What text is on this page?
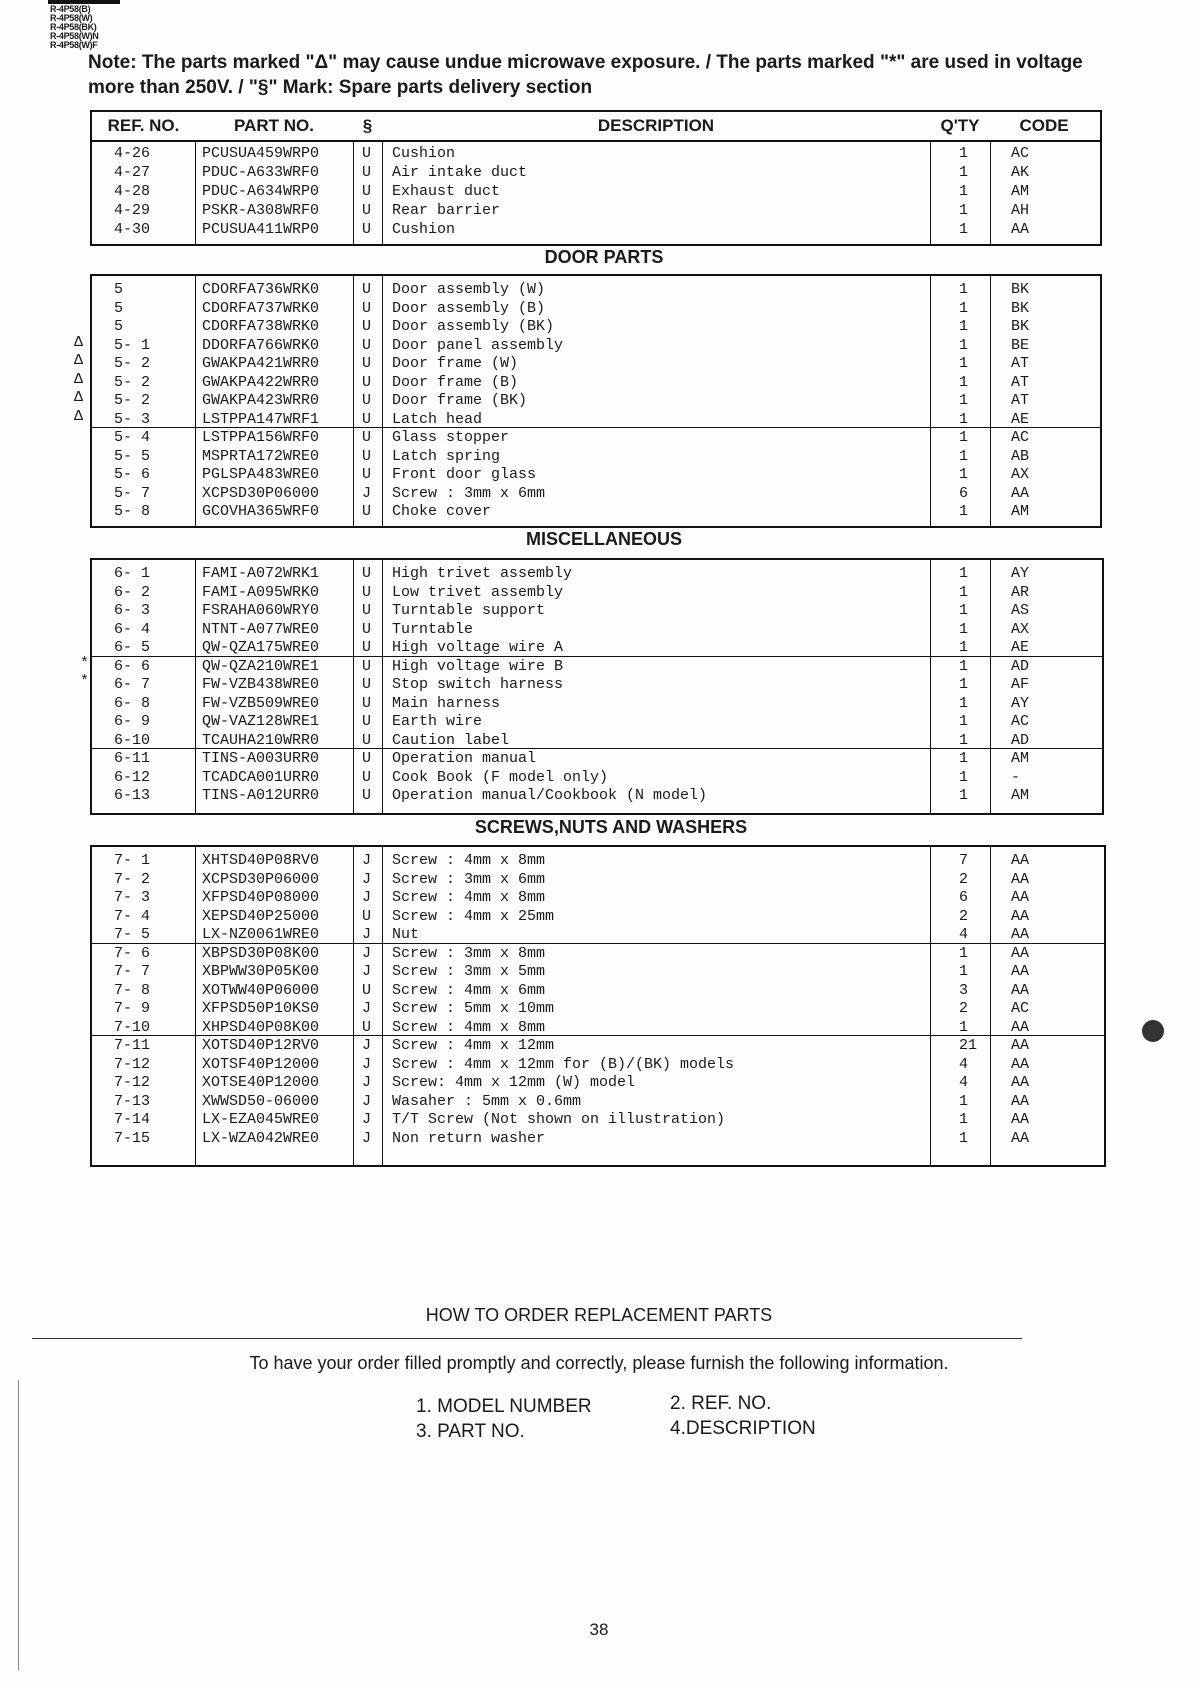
R-4P58(B)
R-4P58(W)
R-4P58(BK)
R-4P58(W)N
R-4P58(W)F
Note: The parts marked "Δ" may cause undue microwave exposure. / The parts marked "*" are used in voltage more than 250V. / "§" Mark: Spare parts delivery section
REF. NO.	PART NO.	§	DESCRIPTION	Q'TY	CODE
4-26	PCUSUA459WRP0	U Cushion	1	AC
4-27	PDUC-A633WRF0	U Air intake duct	1	AK
4-28	PDUC-A634WRP0	U Exhaust duct	1	AM
4-29	PSKR-A308WRF0	U Rear barrier	1	AH
4-30	PCUSUA411WRP0	U Cushion	1	AA
DOOR PARTS
5	CDORFA736WRK0	U Door assembly (W)	1	BK
5	CDORFA737WRK0	U Door assembly (B)	1	BK
5	CDORFA738WRK0	U Door assembly (BK)	1	BK
5- 1	DDORFA766WRK0	U Door panel assembly	1	BE
5- 2	GWAKPA421WRR0	U Door frame (W)	1	AT
5- 2	GWAKPA422WRR0	U Door frame (B)	1	AT
5- 2	GWAKPA423WRR0	U Door frame (BK)	1	AT
5- 3	LSTPPA147WRF1	U Latch head	1	AE
5- 4	LSTPPA156WRF0	U Glass stopper	1	AC
5- 5	MSPRTA172WRE0	U Latch spring	1	AB
5- 6	PGLSPA483WRE0	U Front door glass	1	AX
5- 7	XCPSD30P06000	J Screw : 3mm x 6mm	6	AA
5- 8	GCOVHA365WRF0	U Choke cover	1	AM
MISCELLANEOUS
6- 1	FAMI-A072WRK1	U High trivet assembly	1	AY
6- 2	FAMI-A095WRK0	U Low trivet assembly	1	AR
6- 3	FSRAHA060WRY0	U Turntable support	1	AS
6- 4	NTNT-A077WRE0	U Turntable	1	AX
6- 5	QW-QZA175WRE0	U High voltage wire A	1	AE
6- 6	QW-QZA210WRE1	U High voltage wire B	1	AD
6- 7	FW-VZB438WRE0	U Stop switch harness	1	AF
6- 8	FW-VZB509WRE0	U Main harness	1	AY
6- 9	QW-VAZ128WRE1	U Earth wire	1	AC
6-10	TCAUHA210WRR0	U Caution label	1	AD
6-11	TINS-A003URR0	U Operation manual	1	AM
6-12	TCADCA001URR0	U Cook Book (F model only)	1	-
6-13	TINS-A012URR0	U Operation manual/Cookbook (N model)	1	AM
SCREWS,NUTS AND WASHERS
7- 1	XHTSD40P08RV0	J Screw : 4mm x 8mm	7	AA
7- 2	XCPSD30P06000	J Screw : 3mm x 6mm	2	AA
7- 3	XFPSD40P08000	J Screw : 4mm x 8mm	6	AA
7- 4	XEPSD40P25000	U Screw : 4mm x 25mm	2	AA
7- 5	LX-NZ0061WRE0	J Nut	4	AA
7- 6	XBPSD30P08K00	J Screw : 3mm x 8mm	1	AA
7- 7	XBPWW30P05K00	J Screw : 3mm x 5mm	1	AA
7- 8	XOTWW40P06000	U Screw : 4mm x 6mm	3	AA
7- 9	XFPSD50P10KS0	J Screw : 5mm x 10mm	2	AC
7-10	XHPSD40P08K00	U Screw : 4mm x 8mm	1	AA
7-11	XOTSD40P12RV0	J Screw : 4mm x 12mm	21 AA
7-12	XOTSF40P12000	J Screw : 4mm x 12mm for (B)/(BK) models	4	AA
7-12	XOTSE40P12000	J Screw: 4mm x 12mm (W) model	4	AA
7-13	XWWSD50-06000	J Wasaher : 5mm x 0.6mm	1	AA
7-14	LX-EZA045WRE0	J T/T Screw (Not shown on illustration)	1	AA
7-15	LX-WZA042WRE0	J Non return washer	1	AA
HOW TO ORDER REPLACEMENT PARTS
To have your order filled promptly and correctly, please furnish the following information.
1. MODEL NUMBER	2. REF. NO.
3. PART NO.	4.DESCRIPTION
38
Δ
Δ
Δ
Δ
Δ
*
*
